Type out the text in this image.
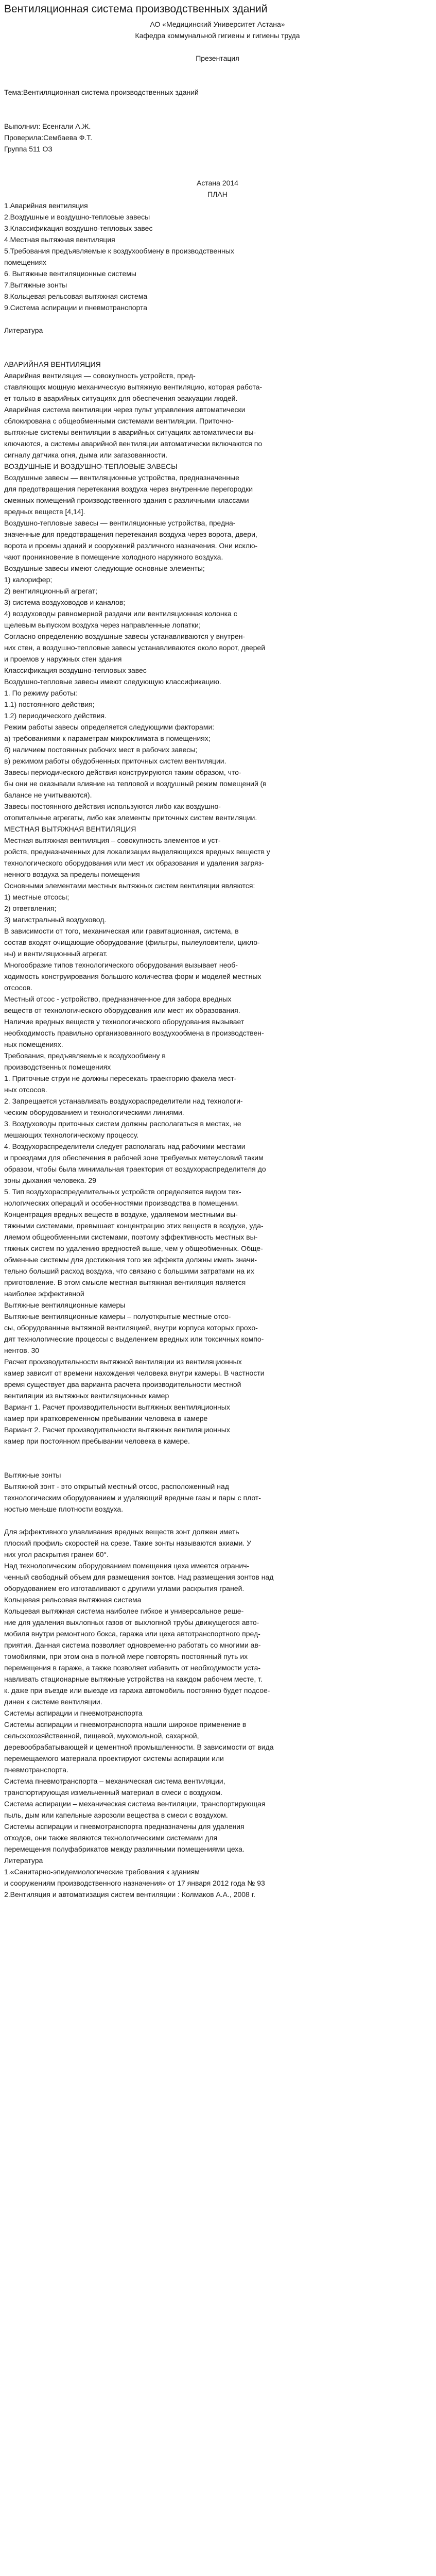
Вентиляционная система производственных зданий
АО «Медицинский Университет Астана»
Кафедра коммунальной гигиены и гигиены труда
Презентация
Тема:Вентиляционная система производственных зданий
Выполнил: Есенгали А.Ж.
Проверила:Сембаева Ф.Т.
Группа 511 ОЗ
Астана 2014
ПЛАН
1.Аварийная вентиляция
2.Воздушные и воздушно-тепловые завесы
3.Классификация воздушно-тепловых завес
4.Местная вытяжная вентиляция
5.Требования предъявляемые к воздухообмену в производственных
помещениях
6. Вытяжные вентиляционные системы
7.Вытяжные зонты
8.Кольцевая рельсовая вытяжная система
9.Система аспирации и пневмотранспорта
Литература
АВАРИЙНАЯ ВЕНТИЛЯЦИЯ
Аварийная вентиляция — совокупность устройств, пред-
ставляющих мощную механическую вытяжную вентиляцию, которая работа-
ет только в аварийных ситуациях для обеспечения эвакуации людей.
Аварийная система вентиляции через пульт управления автоматически
сблокирована с общеобменными системами вентиляции. Приточно-
вытяжные системы вентиляции в аварийных ситуациях автоматически вы-
ключаются, а системы аварийной вентиляции автоматически включаются по
сигналу датчика огня, дыма или загазованности.
ВОЗДУШНЫЕ И ВОЗДУШНО-ТЕПЛОВЫЕ ЗАВЕСЫ
Воздушные завесы — вентиляционные устройства, предназначенные
для предотвращения перетекания воздуха через внутренние перегородки
смежных помещений производственного здания с различными классами
вредных веществ [4,14].
Воздушно-тепловые завесы — вентиляционные устройства, предна-
значенные для предотвращения перетекания воздуха через ворота, двери,
ворота и проемы зданий и сооружений различного назначения. Они исклю-
чают проникновение в помещение холодного наружного воздуха.
Воздушные завесы имеют следующие основные элементы;
1) калорифер;
2) вентиляционный агрегат;
3) система воздуховодов и каналов;
4) воздуховоды равномерной раздачи или вентиляционная колонка с
щелевым выпуском воздуха через направленные лопатки;
Согласно определению воздушные завесы устанавливаются у внутрен-
них стен, а воздушно-тепловые завесы устанавливаются около ворот, дверей
и проемов у наружных стен здания
Классификация воздушно-тепловых завес
Воздушно-тепловые завесы имеют следующую классификацию.
1. По режиму работы:
1.1) постоянного действия;
1.2) периодического действия.
Режим работы завесы определяется следующими факторами:
а) требованиями к параметрам микроклимата в помещениях;
б) наличием постоянных рабочих мест в рабочих завесы;
в) режимом работы обудобненных приточных систем вентиляции.
Завесы периодического действия конструируются таким образом, что-
бы они не оказывали влияние на тепловой и воздушный режим помещений (в
балансе не учитываются).
Завесы постоянного действия используются либо как воздушно-
отопительные агрегаты, либо как элементы приточных систем вентиляции.
МЕСТНАЯ ВЫТЯЖНАЯ ВЕНТИЛЯЦИЯ
Местная вытяжная вентиляция – совокупность элементов и уст-
ройств, предназначенных для локализации выделяющихся вредных веществ у
технологического оборудования или мест их образования и удаления загряз-
ненного воздуха за пределы помещения
Основными элементами местных вытяжных систем вентиляции являются:
1) местные отсосы;
2) ответвления;
3) магистральный воздуховод.
В зависимости от того, механическая или гравитационная, система, в
состав входят очищающие оборудование (фильтры, пылеуловители, цикло-
ны) и вентиляционный агрегат.
Многообразие типов технологического оборудования вызывает необ-
ходимость конструирования большого количества форм и моделей местных
отсосов.
Местный отсос - устройство, предназначенное для забора вредных
веществ от технологического оборудования или мест их образования.
Наличие вредных веществ у технологического оборудования вызывает
необходимость правильно организованного воздухообмена в производствен-
ных помещениях.
Требования, предъявляемые к воздухообмену в
производственных помещениях
1. Приточные струи не должны пересекать траекторию факела мест-
ных отсосов.
2. Запрещается устанавливать воздухораспределители над технологи-
ческим оборудованием и технологическими линиями.
3. Воздуховоды приточных систем должны располагаться в местах, не
мешающих технологическому процессу.
4. Воздухораспределители следует располагать над рабочими местами
и проездами для обеспечения в рабочей зоне требуемых метеусловий таким
образом, чтобы была минимальная траектория от воздухораспределителя до
зоны дыхания человека. 29
5. Тип воздухораспределительных устройств определяется видом тех-
нологических операций и особенностями производства в помещении.
Концентрация вредных веществ в воздухе, удаляемом местными вы-
тяжными системами, превышает концентрацию этих веществ в воздухе, уда-
ляемом общеобменными системами, поэтому эффективность местных вы-
тяжных систем по удалению вредностей выше, чем у общеобменных. Обще-
обменные системы для достижения того же эффекта должны иметь значи-
тельно больший расход воздуха, что связано с большими затратами на их
приготовление. В этом смысле местная вытяжная вентиляция является
наиболее эффективной
Вытяжные вентиляционные камеры
Вытяжные вентиляционные камеры – полуоткрытые местные отсо-
сы, оборудованные вытяжной вентиляцией, внутри корпуса которых прохо-
дят технологические процессы с выделением вредных или токсичных компо-
нентов. 30
Расчет производительности вытяжной вентиляции из вентиляционных
камер зависит от времени нахождения человека внутри камеры. В частности
время существует два варианта расчета производительности местной
вентиляции из вытяжных вентиляционных камер
Вариант 1. Расчет производительности вытяжных вентиляционных
камер при кратковременном пребывании человека в камере
Вариант 2. Расчет производительности вытяжных вентиляционных
камер при постоянном пребывании человека в камере.

Вытяжные зонты
Вытяжной зонт - это открытый местный отсос, расположенный над
технологическим оборудованием и удаляющий вредные газы и пары с плот-
ностью меньше плотности воздуха.

Для эффективного улавливания вредных веществ зонт должен иметь
плоский профиль скоростей на срезе. Такие зонты называются акиами. У
них угол раскрытия гранеи 60°.
Над технологическим оборудованием помещения цеха имеется огранич-
ченный свободный объем для размещения зонтов. Над размещения зонтов над
оборудованием его изготавливают с другими углами раскрытия граней.
Кольцевая рельсовая вытяжная система
Кольцевая вытяжная система наиболее гибкое и универсальное реше-
ние для удаления выхлопных газов от выхлопной трубы движущегося авто-
мобиля внутри ремонтного бокса, гаража или цеха автотранспортного пред-
приятия. Данная система позволяет одновременно работать со многими ав-
томобилями, при этом она в полной мере повторять постоянный путь их
перемещения в гараже, а также позволяет избавить от необходимости уста-
навливать стационарные вытяжные устройства на каждом рабочем месте, т.
к. даже при въезде или выезде из гаража автомобиль постоянно будет подсое-
динен к системе вентиляции.
Системы аспирации и пневмотранспорта
Системы аспирации и пневмотранспорта нашли широкое применение в
сельскохозяйственной, пищевой, мукомольной, сахарной,
деревообрабатывающей и цементной промышленности. В зависимости от вида
перемещаемого материала проектируют системы аспирации или
пневмотранспорта.
Система пневмотранспорта – механическая система вентиляции,
транспортирующая измельченный материал в смеси с воздухом.
Система аспирации – механическая система вентиляции, транспортирующая
пыль, дым или капельные аэрозоли вещества в смеси с воздухом.
Системы аспирации и пневмотранспорта предназначены для удаления
отходов, они также являются технологическими системами для
перемещения полуфабрикатов между различными помещениями цеха.
Литература
1.«Санитарно-эпидемиологические требования к зданиям
и сооружениям производственного назначения» от 17 января 2012 года № 93
2.Вентиляция и автоматизация систем вентиляции : Колмаков А.А., 2008 г.
